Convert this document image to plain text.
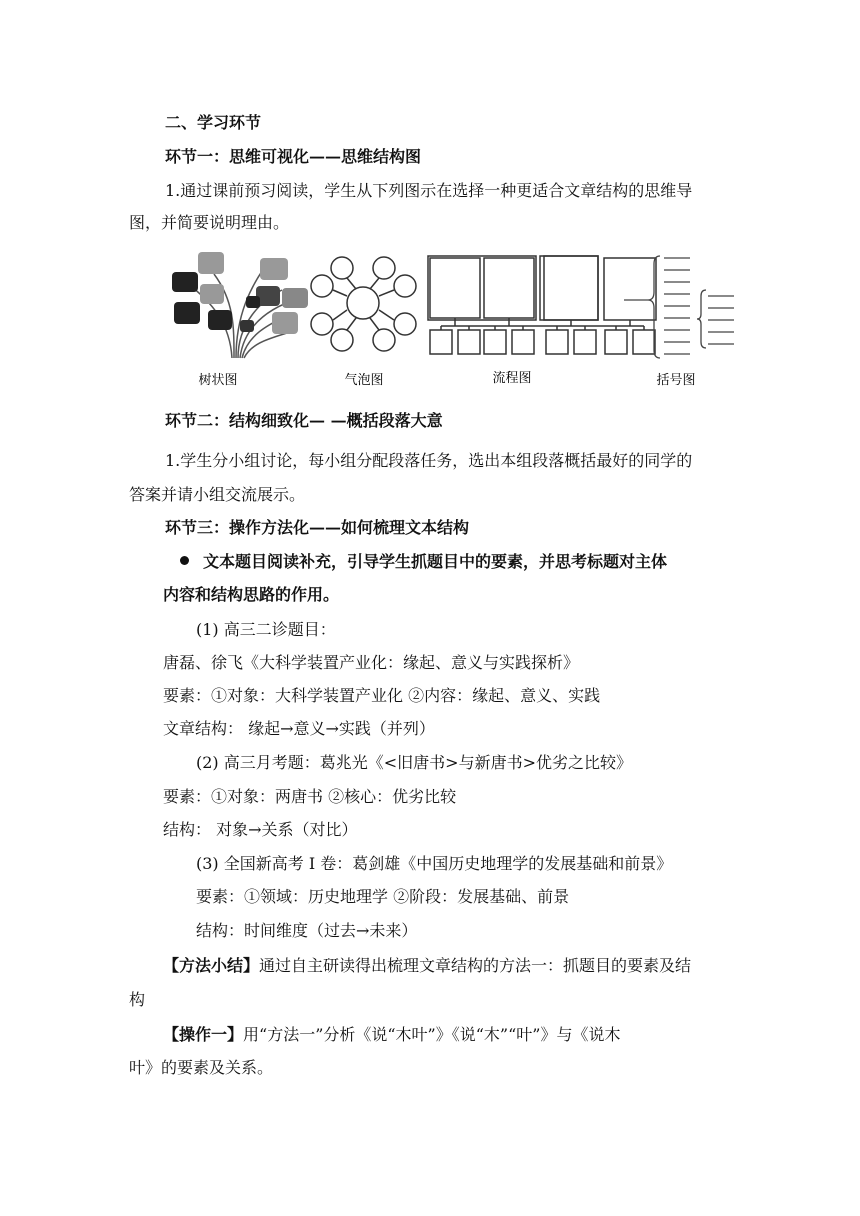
二、学习环节
环节一：思维可视化——思维结构图
1.通过课前预习阅读，学生从下列图示在选择一种更适合文章结构的思维导
图，并简要说明理由。
树状图	气泡图	流程图	括号图
环节二：结构细致化— —概括段落大意
1.学生分小组讨论，每小组分配段落任务，选出本组段落概括最好的同学的
答案并请小组交流展示。
环节三：操作方法化——如何梳理文本结构
文本题目阅读补充，引导学生抓题目中的要素，并思考标题对主体
内容和结构思路的作用。
(1) 高三二诊题目：
唐磊、徐飞《大科学装置产业化：缘起、意义与实践探析》
要素：①对象：大科学装置产业化 ②内容：缘起、意义、实践
文章结构： 缘起→意义→实践（并列）
(2) 高三月考题：葛兆光《<旧唐书>与新唐书>优劣之比较》
要素：①对象：两唐书 ②核心：优劣比较
结构： 对象→关系（对比）
(3) 全国新高考 I 卷：葛剑雄《中国历史地理学的发展基础和前景》
要素：①领域：历史地理学 ②阶段：发展基础、前景
结构：时间维度（过去→未来）
【方法小结】通过自主研读得出梳理文章结构的方法一：抓题目的要素及结
构
【操作一】用“方法一”分析《说“木叶”》《说“木”“叶”》与《说木
叶》的要素及关系。
